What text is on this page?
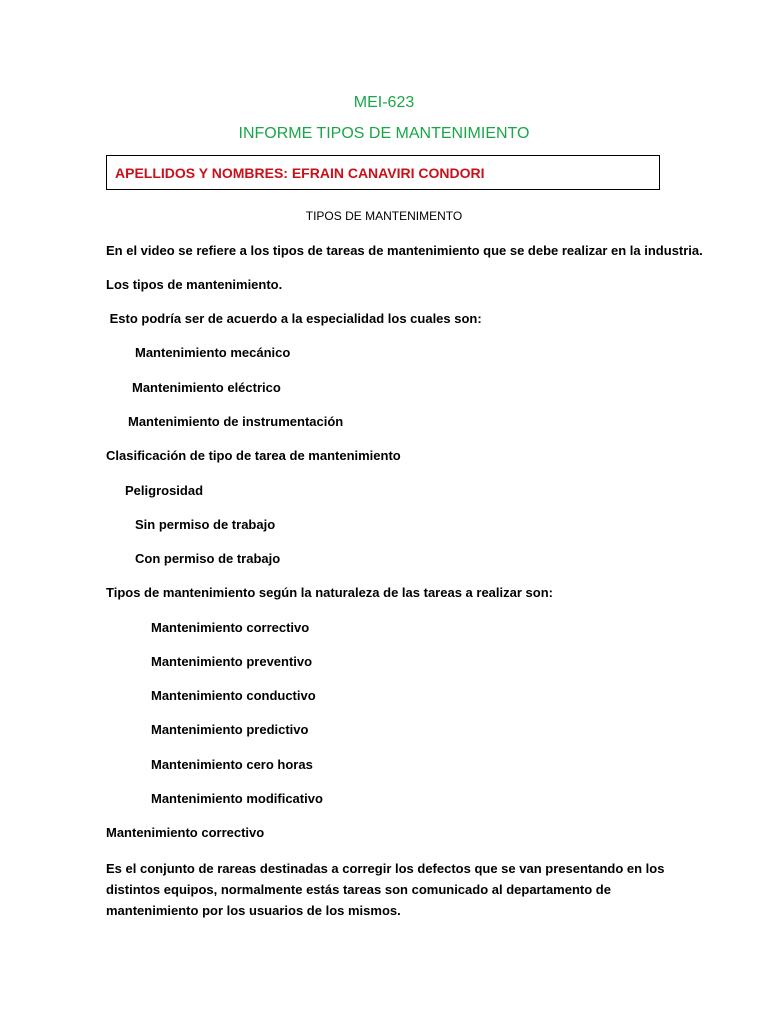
MEI-623
INFORME TIPOS DE MANTENIMIENTO
APELLIDOS Y NOMBRES: EFRAIN CANAVIRI CONDORI
TIPOS DE MANTENIMENTO
En el video se refiere a los tipos de tareas de mantenimiento que se debe realizar en la industria.
Los tipos de mantenimiento.
Esto podría ser de acuerdo a la especialidad los cuales son:
Mantenimiento mecánico
Mantenimiento eléctrico
Mantenimiento de instrumentación
Clasificación de tipo de tarea de mantenimiento
Peligrosidad
Sin permiso de trabajo
Con permiso de trabajo
Tipos de mantenimiento según la naturaleza de las tareas a realizar son:
Mantenimiento correctivo
Mantenimiento preventivo
Mantenimiento conductivo
Mantenimiento predictivo
Mantenimiento cero horas
Mantenimiento modificativo
Mantenimiento correctivo
Es el conjunto de rareas destinadas a corregir los defectos que se van presentando en los distintos equipos, normalmente estás tareas son comunicado al departamento de mantenimiento por los usuarios de los mismos.
